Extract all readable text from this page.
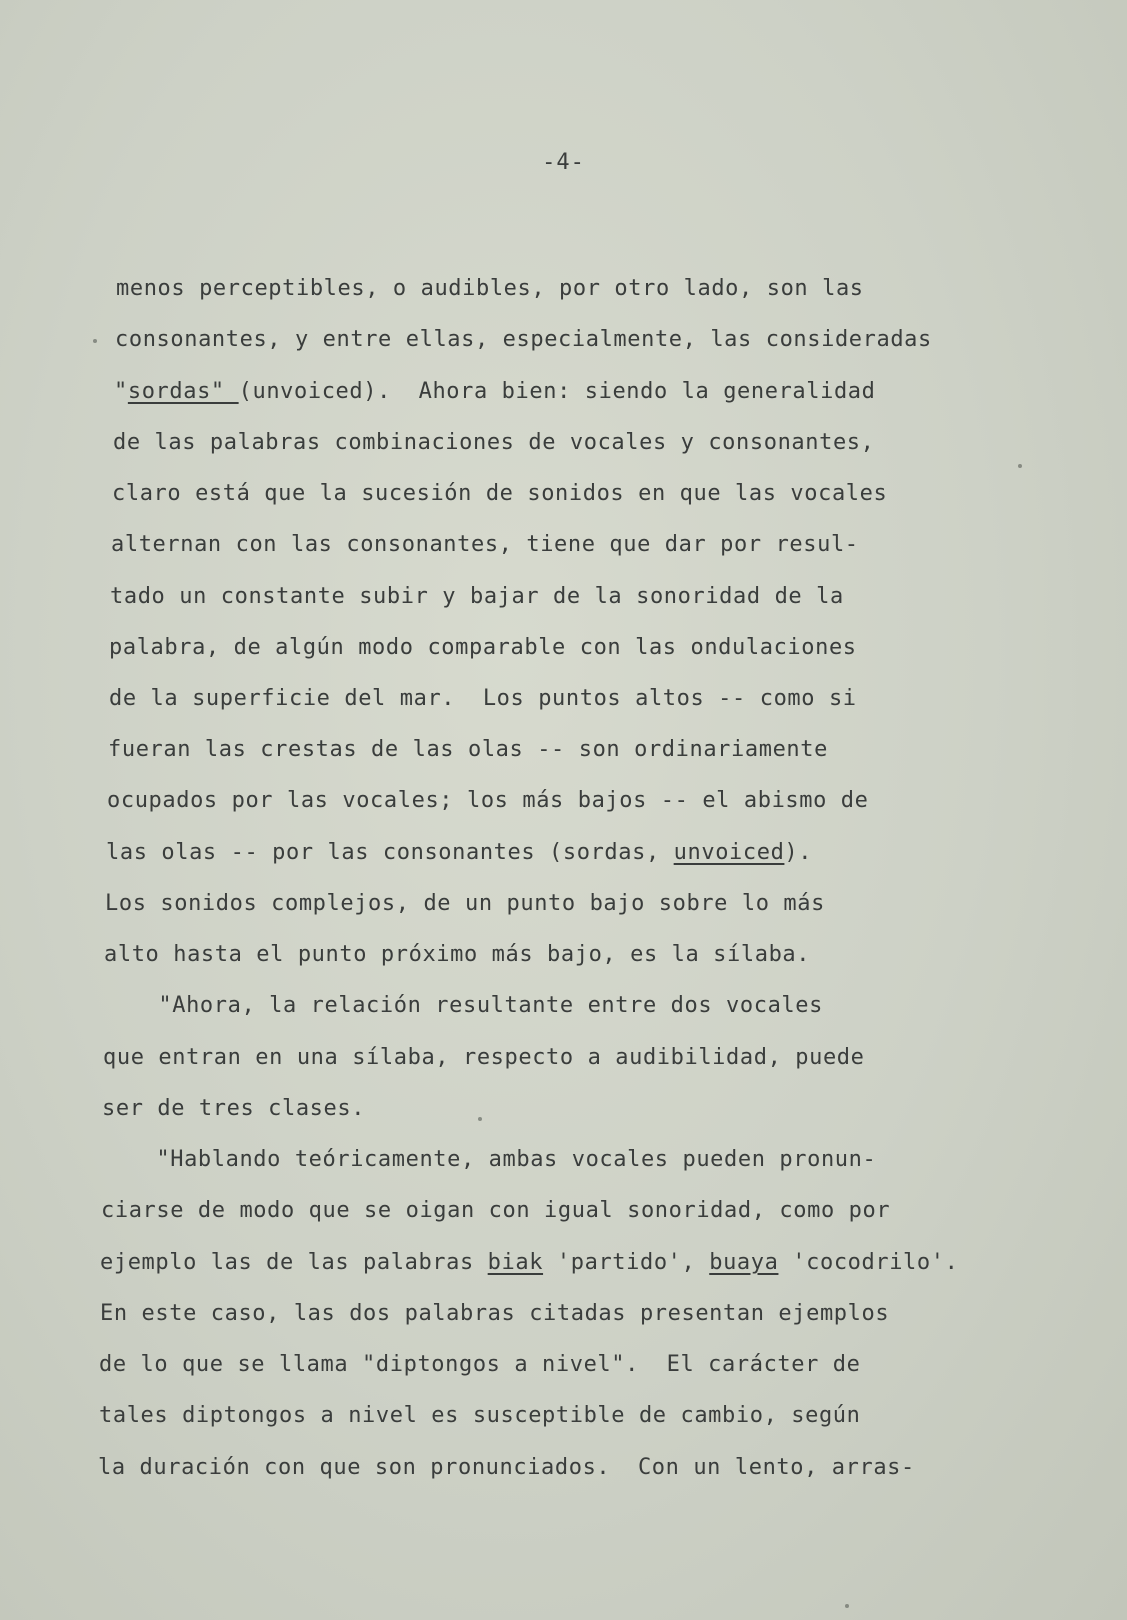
-4-
menos perceptibles, o audibles, por otro lado, son las
consonantes, y entre ellas, especialmente, las consideradas
"sordas" (unvoiced).  Ahora bien: siendo la generalidad
de las palabras combinaciones de vocales y consonantes,
claro está que la sucesión de sonidos en que las vocales
alternan con las consonantes, tiene que dar por resul-
tado un constante subir y bajar de la sonoridad de la
palabra, de algún modo comparable con las ondulaciones
de la superficie del mar.  Los puntos altos -- como si
fueran las crestas de las olas -- son ordinariamente
ocupados por las vocales; los más bajos -- el abismo de
las olas -- por las consonantes (sordas, unvoiced).
Los sonidos complejos, de un punto bajo sobre lo más
alto hasta el punto próximo más bajo, es la sílaba.
"Ahora, la relación resultante entre dos vocales
que entran en una sílaba, respecto a audibilidad, puede
ser de tres clases.
"Hablando teóricamente, ambas vocales pueden pronun-
ciarse de modo que se oigan con igual sonoridad, como por
ejemplo las de las palabras biak 'partido', buaya 'cocodrilo'.
En este caso, las dos palabras citadas presentan ejemplos
de lo que se llama "diptongos a nivel".  El carácter de
tales diptongos a nivel es susceptible de cambio, según
la duración con que son pronunciados.  Con un lento, arras-
